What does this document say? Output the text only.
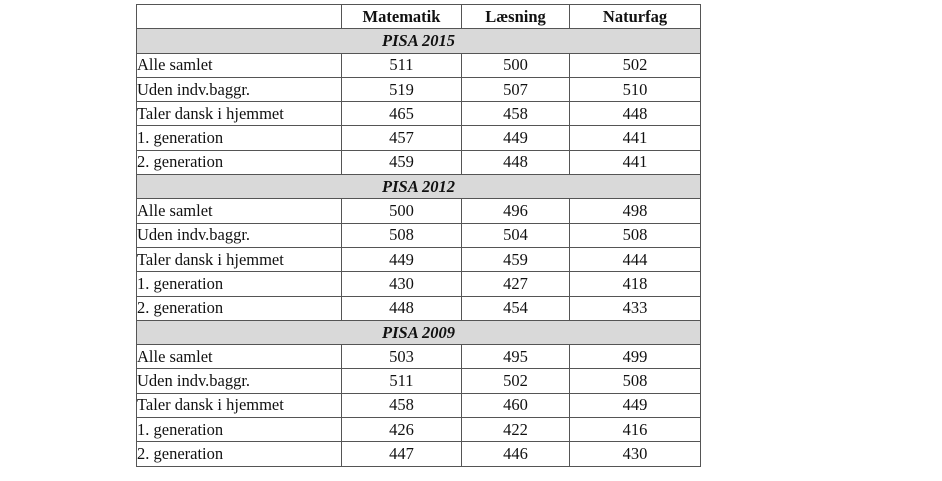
	Matematik	Læsning	Naturfag
PISA 2015			
Alle samlet	511	500	502
Uden indv.baggr.	519	507	510
Taler dansk i hjemmet	465	458	448
1. generation	457	449	441
2. generation	459	448	441
PISA 2012			
Alle samlet	500	496	498
Uden indv.baggr.	508	504	508
Taler dansk i hjemmet	449	459	444
1. generation	430	427	418
2. generation	448	454	433
PISA 2009			
Alle samlet	503	495	499
Uden indv.baggr.	511	502	508
Taler dansk i hjemmet	458	460	449
1. generation	426	422	416
2. generation	447	446	430
